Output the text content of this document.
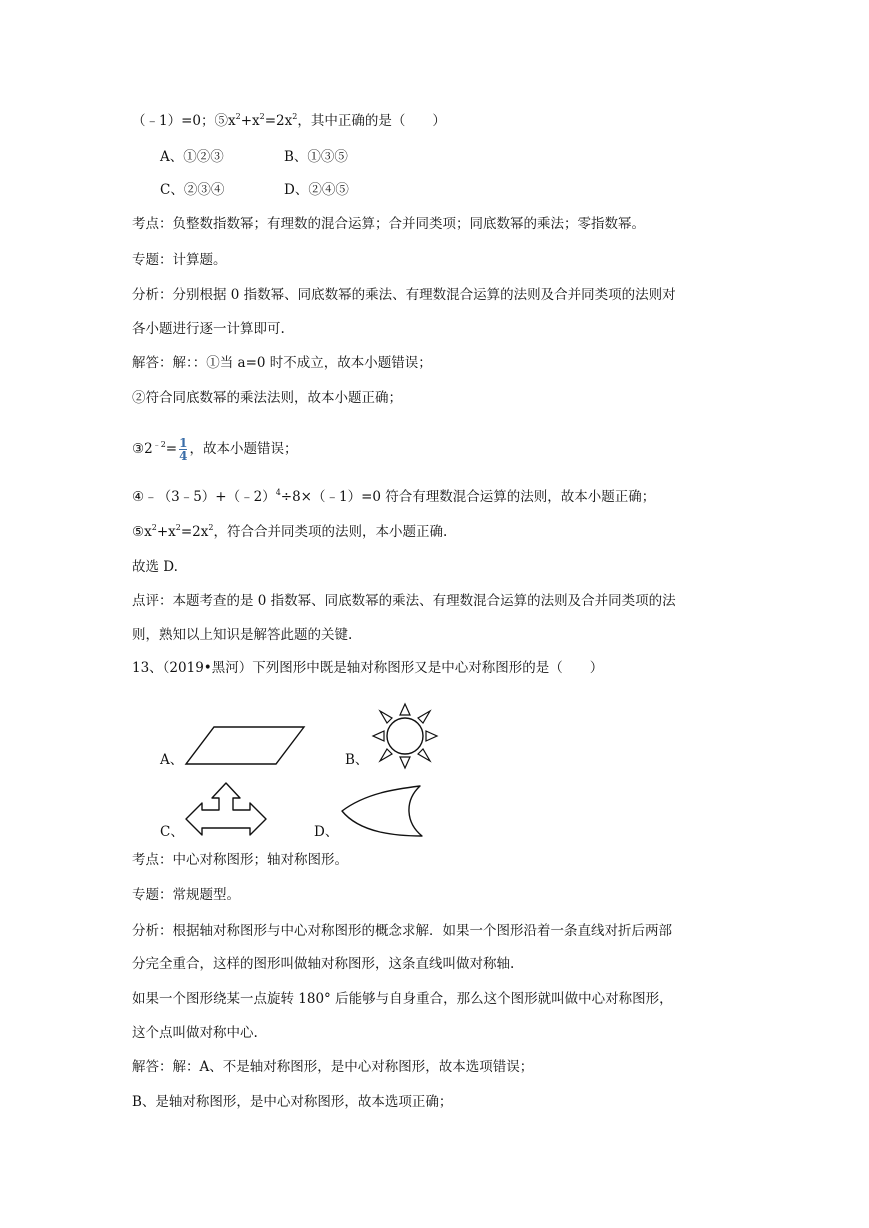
（﹣1）=0；$⑤x^2+x^2=2x^2$，其中正确的是（　　）
A、①②③	B、①③⑤
C、②③④	D、②④⑤
考点：负整数指数幂；有理数的混合运算；合并同类项；同底数幂的乘法；零指数幂。
专题：计算题。
分析：分别根据 0 指数幂、同底数幂的乘法、有理数混合运算的法则及合并同类项的法则对
各小题进行逐一计算即可.
解答：解：：①当 a=0 时不成立，故本小题错误；
②符合同底数幂的乘法法则，故本小题正确；
$③2^{﹣2}= \frac{1}{4}$ ，故本小题错误；
④﹣（3﹣5）+（﹣2）$^4$÷8×（﹣1）=0 符合有理数混合运算的法则，故本小题正确；
$⑤x^2+x^2=2x^2$，符合合并同类项的法则，本小题正确.
故选 D.
点评：本题考查的是 0 指数幂、同底数幂的乘法、有理数混合运算的法则及合并同类项的法
则，熟知以上知识是解答此题的关键.
13、（2019•黑河）下列图形中既是轴对称图形又是中心对称图形的是（　　）
A、	B、
C、	D、
考点：中心对称图形；轴对称图形。
专题：常规题型。
分析：根据轴对称图形与中心对称图形的概念求解．如果一个图形沿着一条直线对折后两部
分完全重合，这样的图形叫做轴对称图形，这条直线叫做对称轴.
如果一个图形绕某一点旋转 180° 后能够与自身重合，那么这个图形就叫做中心对称图形，
这个点叫做对称中心.
解答：解：A、不是轴对称图形，是中心对称图形，故本选项错误；
B、是轴对称图形，是中心对称图形，故本选项正确；
